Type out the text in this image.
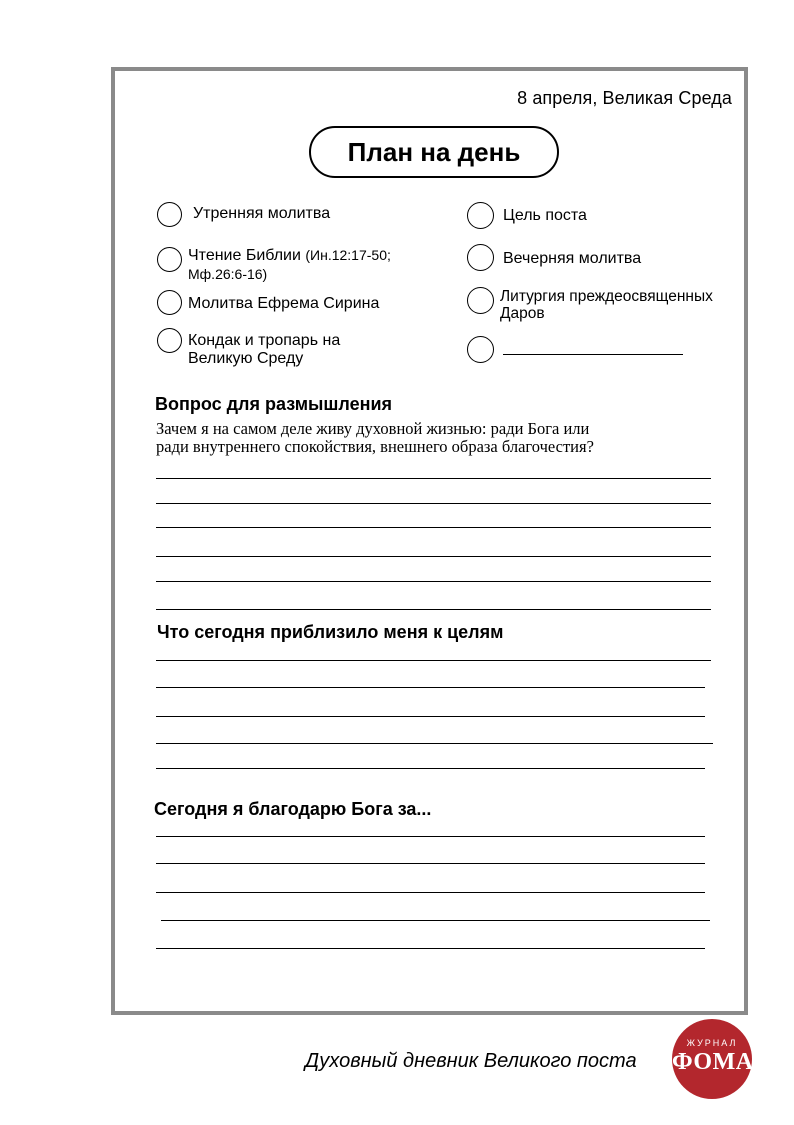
8 апреля, Великая Среда
План на день
Утренняя молитва
Чтение Библии (Ин.12:17-50;
Мф.26:6-16)
Молитва Ефрема Сирина
Кондак и тропарь на
Великую Среду
Цель поста
Вечерняя молитва
Литургия преждеосвященных
Даров
Вопрос для размышления
Зачем я на самом деле живу духовной жизнью: ради Бога или
ради внутреннего спокойствия, внешнего образа благочестия?
Что сегодня приблизило меня к целям
Сегодня я благодарю Бога за...
Духовный дневник Великого поста
ЖУРНАЛ
ФОМА
